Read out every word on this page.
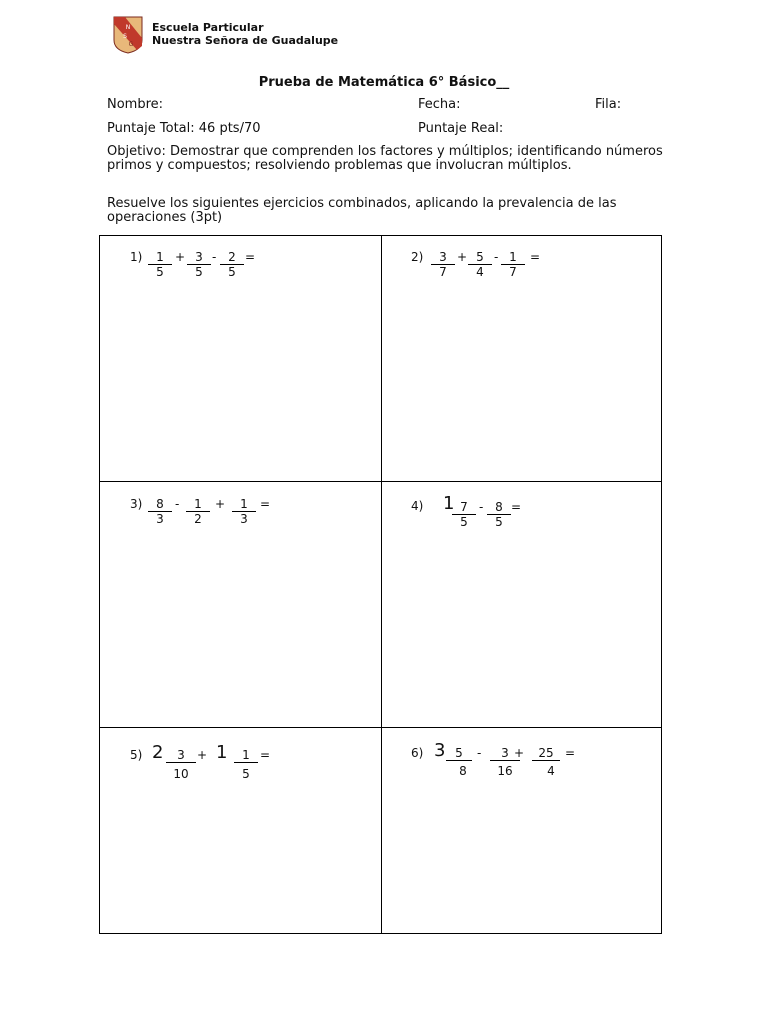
N
S
G
Escuela Particular
Nuestra Señora de Guadalupe
Prueba de Matemática 6° Básico__
Nombre:	Fecha:	Fila:
Puntaje Total: 46 pts/70	Puntaje Real:
Objetivo: Demostrar que comprenden los factores y múltiplos; identificando números primos y compuestos; resolviendo problemas que involucran múltiplos.
Resuelve los siguientes ejercicios combinados, aplicando la prevalencia de las operaciones (3pt)
$1) \frac{1}{5} + \frac{3}{5} - \frac{2}{5}$ =	$2) \frac{3}{7} + \frac{5}{4} - \frac{1}{7}$ =
$3) \frac{8}{3} - \frac{1}{2} + \frac{1}{3}$ =	4) 1
$\frac{7}{5} - \frac{8}{5}$ =
5) $2 \frac{3}{10} + 1 \frac{1}{5}$ =	6) $3 \frac{5}{8} - \frac{3}{16}$
+ $\frac{25}{4}$ =
